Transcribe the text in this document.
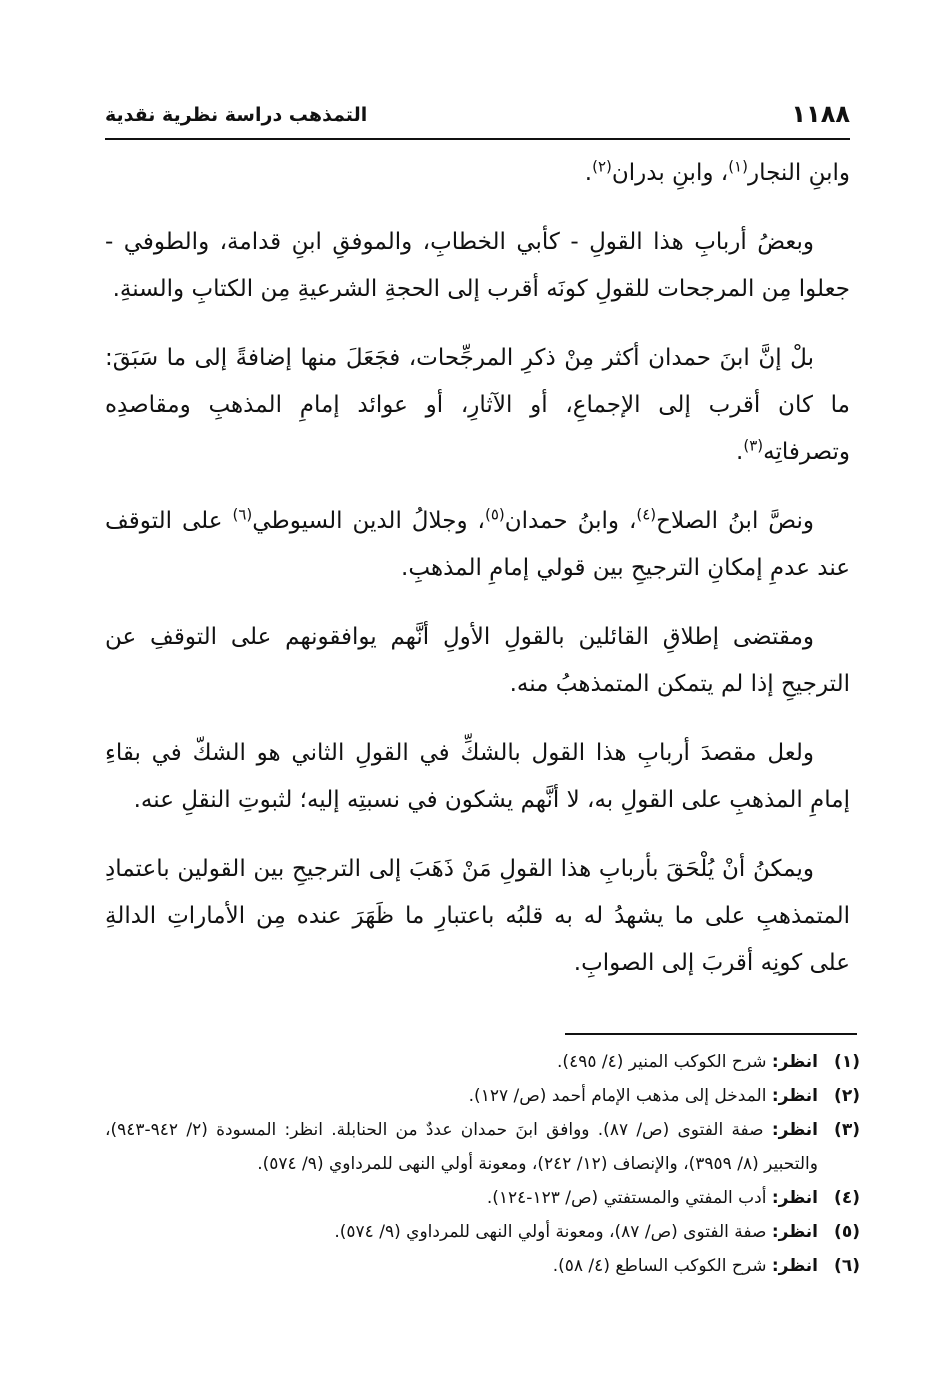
١١٨٨
التمذهب دراسة نظرية نقدية

وابنِ النجار$^{(١)}$، وابنِ بدران$^{(٢)}$.

وبعضُ أربابِ هذا القولِ - كأبي الخطابِ، والموفقِ ابنِ قدامة، والطوفي - جعلوا مِن المرجحات للقولِ كونَه أقرب إلى الحجةِ الشرعيةِ مِن الكتابِ والسنةِ.

بلْ إنَّ ابنَ حمدان أكثر مِنْ ذكرِ المرجِّحات، فجَعَلَ منها إضافةً إلى ما سَبَقَ: ما كان أقرب إلى الإجماعِ، أو الآثارِ، أو عوائد إمامِ المذهبِ ومقاصدِه وتصرفاتِه$^{(٣)}$.

ونصَّ ابنُ الصلاح$^{(٤)}$، وابنُ حمدان$^{(٥)}$، وجلالُ الدين السيوطي$^{(٦)}$ على التوقف عند عدمِ إمكانِ الترجيحِ بين قولي إمامِ المذهبِ.

ومقتضى إطلاقِ القائلين بالقولِ الأولِ أنَّهم يوافقونهم على التوقفِ عن الترجيحِ إذا لم يتمكن المتمذهبُ منه.

ولعل مقصدَ أربابِ هذا القول بالشكِّ في القولِ الثاني هو الشكّ في بقاءِ إمامِ المذهبِ على القولِ به، لا أنَّهم يشكون في نسبتِه إليه؛ لثبوتِ النقلِ عنه.

ويمكنُ أنْ يُلْحَقَ بأربابِ هذا القولِ مَنْ ذَهَبَ إلى الترجيحِ بين القولين باعتمادِ المتمذهبِ على ما يشهدُ له به قلبُه باعتبارِ ما ظَهَرَ عنده مِن الأماراتِ الدالةِ على كونِه أقربَ إلى الصوابِ.

(١)
انظر: شرح الكوكب المنير (٤/ ٤٩٥).
(٢)
انظر: المدخل إلى مذهب الإمام أحمد (ص/ ١٢٧).
(٣)
انظر: صفة الفتوى (ص/ ٨٧). ووافق ابنَ حمدان عددٌ من الحنابلة. انظر: المسودة (٢/ ٩٤٢-٩٤٣)، والتحبير (٨/ ٣٩٥٩)، والإنصاف (١٢/ ٢٤٢)، ومعونة أولي النهى للمرداوي (٩/ ٥٧٤).
(٤)
انظر: أدب المفتي والمستفتي (ص/ ١٢٣-١٢٤).
(٥)
انظر: صفة الفتوى (ص/ ٨٧)، ومعونة أولي النهى للمرداوي (٩/ ٥٧٤).
(٦)
انظر: شرح الكوكب الساطع (٤/ ٥٨).
